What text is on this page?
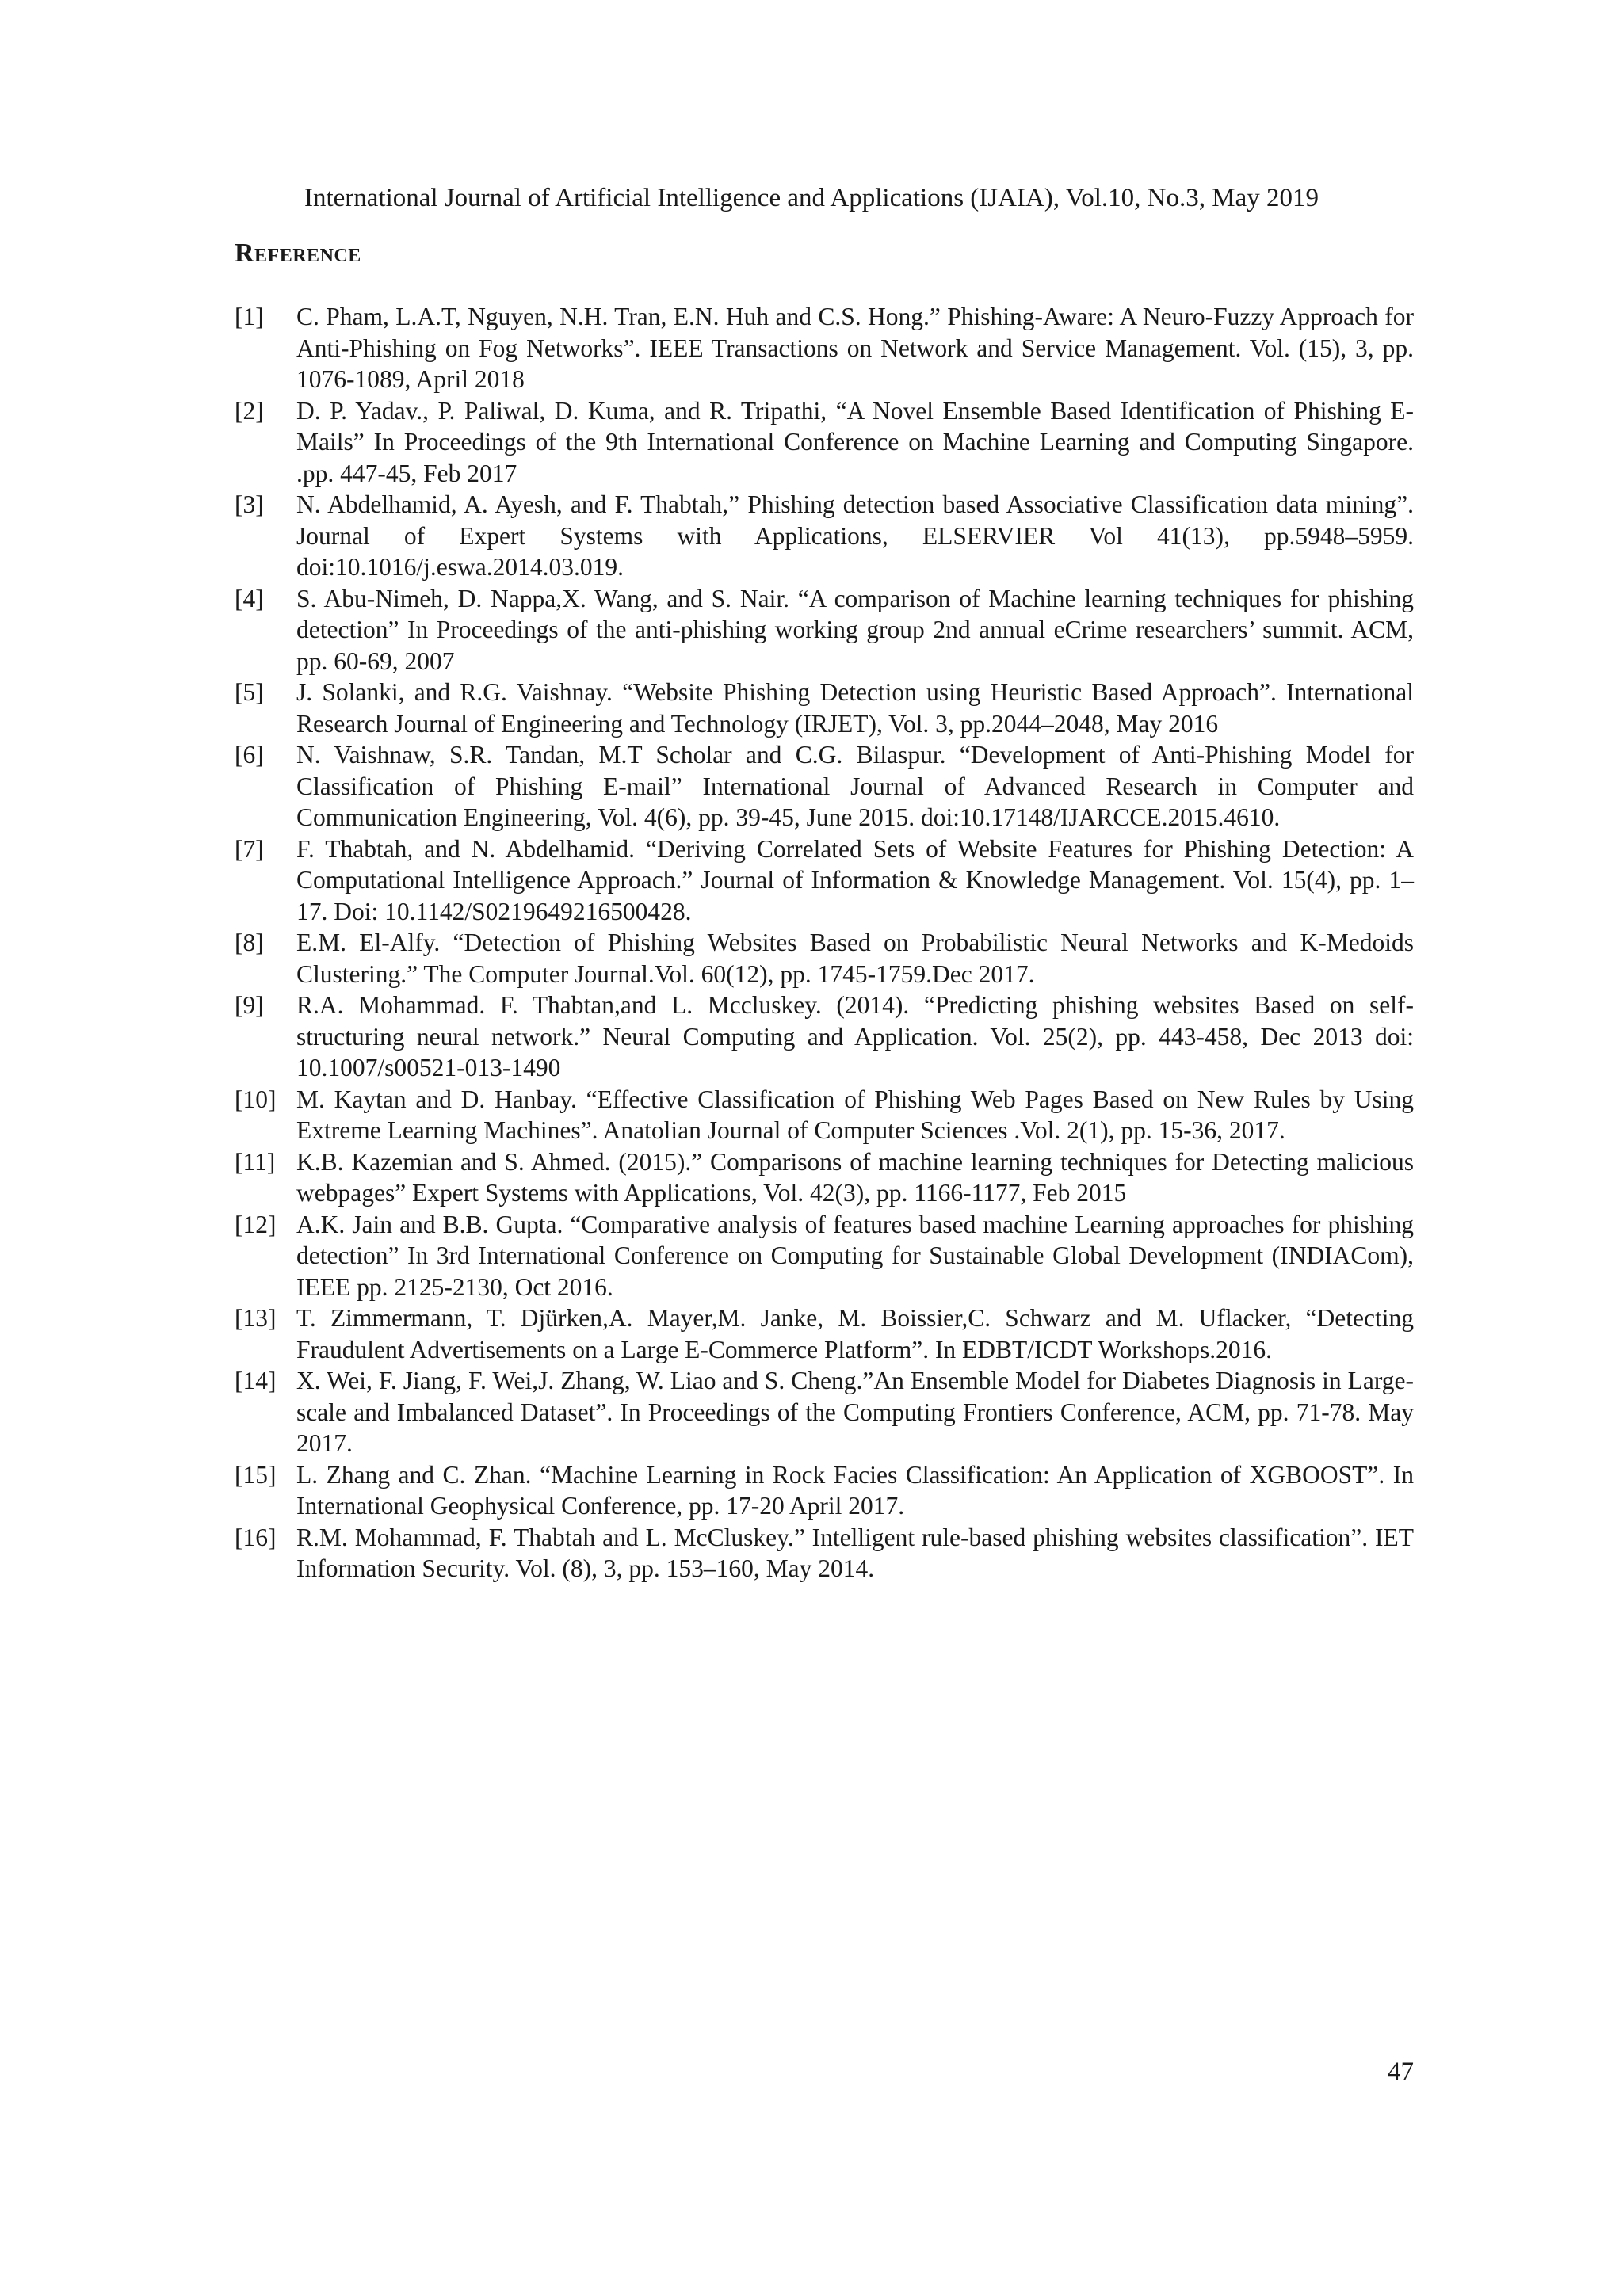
International Journal of Artificial Intelligence and Applications (IJAIA), Vol.10, No.3, May 2019
Reference
[1]	C. Pham, L.A.T, Nguyen, N.H. Tran, E.N. Huh and C.S. Hong.” Phishing-Aware: A Neuro-Fuzzy Approach for Anti-Phishing on Fog Networks”. IEEE Transactions on Network and Service Management. Vol. (15), 3, pp. 1076-1089, April 2018
[2]	D. P. Yadav., P. Paliwal, D. Kuma, and R. Tripathi, “A Novel Ensemble Based Identification of Phishing E-Mails” In Proceedings of the 9th International Conference on Machine Learning and Computing Singapore. .pp. 447-45, Feb 2017
[3]	N. Abdelhamid, A. Ayesh, and F. Thabtah,” Phishing detection based Associative Classification data mining”. Journal of Expert Systems with Applications, ELSERVIER Vol 41(13), pp.5948–5959. doi:10.1016/j.eswa.2014.03.019.
[4]	S. Abu-Nimeh, D. Nappa,X. Wang, and S. Nair. “A comparison of Machine learning techniques for phishing detection” In Proceedings of the anti-phishing working group 2nd annual eCrime researchers’ summit. ACM, pp. 60-69, 2007
[5]	J. Solanki, and R.G. Vaishnay. “Website Phishing Detection using Heuristic Based Approach”. International Research Journal of Engineering and Technology (IRJET), Vol. 3, pp.2044–2048, May 2016
[6]	N. Vaishnaw, S.R. Tandan, M.T Scholar and C.G. Bilaspur. “Development of Anti-Phishing Model for Classification of Phishing E-mail” International Journal of Advanced Research in Computer and Communication Engineering, Vol. 4(6), pp. 39-45, June 2015. doi:10.17148/IJARCCE.2015.4610.
[7]	F. Thabtah, and N. Abdelhamid. “Deriving Correlated Sets of Website Features for Phishing Detection: A Computational Intelligence Approach.” Journal of Information & Knowledge Management. Vol. 15(4), pp. 1–17. Doi: 10.1142/S0219649216500428.
[8]	E.M. El-Alfy. “Detection of Phishing Websites Based on Probabilistic Neural Networks and K-Medoids Clustering.” The Computer Journal.Vol. 60(12), pp. 1745-1759.Dec 2017.
[9]	R.A. Mohammad. F. Thabtan,and L. Mccluskey. (2014). “Predicting phishing websites Based on self-structuring neural network.” Neural Computing and Application. Vol. 25(2), pp. 443-458, Dec 2013 doi: 10.1007/s00521-013-1490
[10] M. Kaytan and D. Hanbay. “Effective Classification of Phishing Web Pages Based on New Rules by Using Extreme Learning Machines”. Anatolian Journal of Computer Sciences .Vol. 2(1), pp. 15-36, 2017.
[11] K.B. Kazemian and S. Ahmed. (2015).” Comparisons of machine learning techniques for Detecting malicious webpages” Expert Systems with Applications, Vol. 42(3), pp. 1166-1177, Feb 2015
[12] A.K. Jain and B.B. Gupta. “Comparative analysis of features based machine Learning approaches for phishing detection” In 3rd International Conference on Computing for Sustainable Global Development (INDIACom), IEEE pp. 2125-2130, Oct 2016.
[13] T. Zimmermann, T. Djürken,A. Mayer,M. Janke, M. Boissier,C. Schwarz and M. Uflacker, “Detecting Fraudulent Advertisements on a Large E-Commerce Platform”. In EDBT/ICDT Workshops.2016.
[14] X. Wei, F. Jiang, F. Wei,J. Zhang, W. Liao and S. Cheng.”An Ensemble Model for Diabetes Diagnosis in Large-scale and Imbalanced Dataset”. In Proceedings of the Computing Frontiers Conference, ACM, pp. 71-78. May 2017.
[15] L. Zhang and C. Zhan. “Machine Learning in Rock Facies Classification: An Application of XGBOOST”. In International Geophysical Conference, pp. 17-20 April 2017.
[16] R.M. Mohammad, F. Thabtah and L. McCluskey.” Intelligent rule-based phishing websites classification”. IET Information Security. Vol. (8), 3, pp. 153–160, May 2014.
47
